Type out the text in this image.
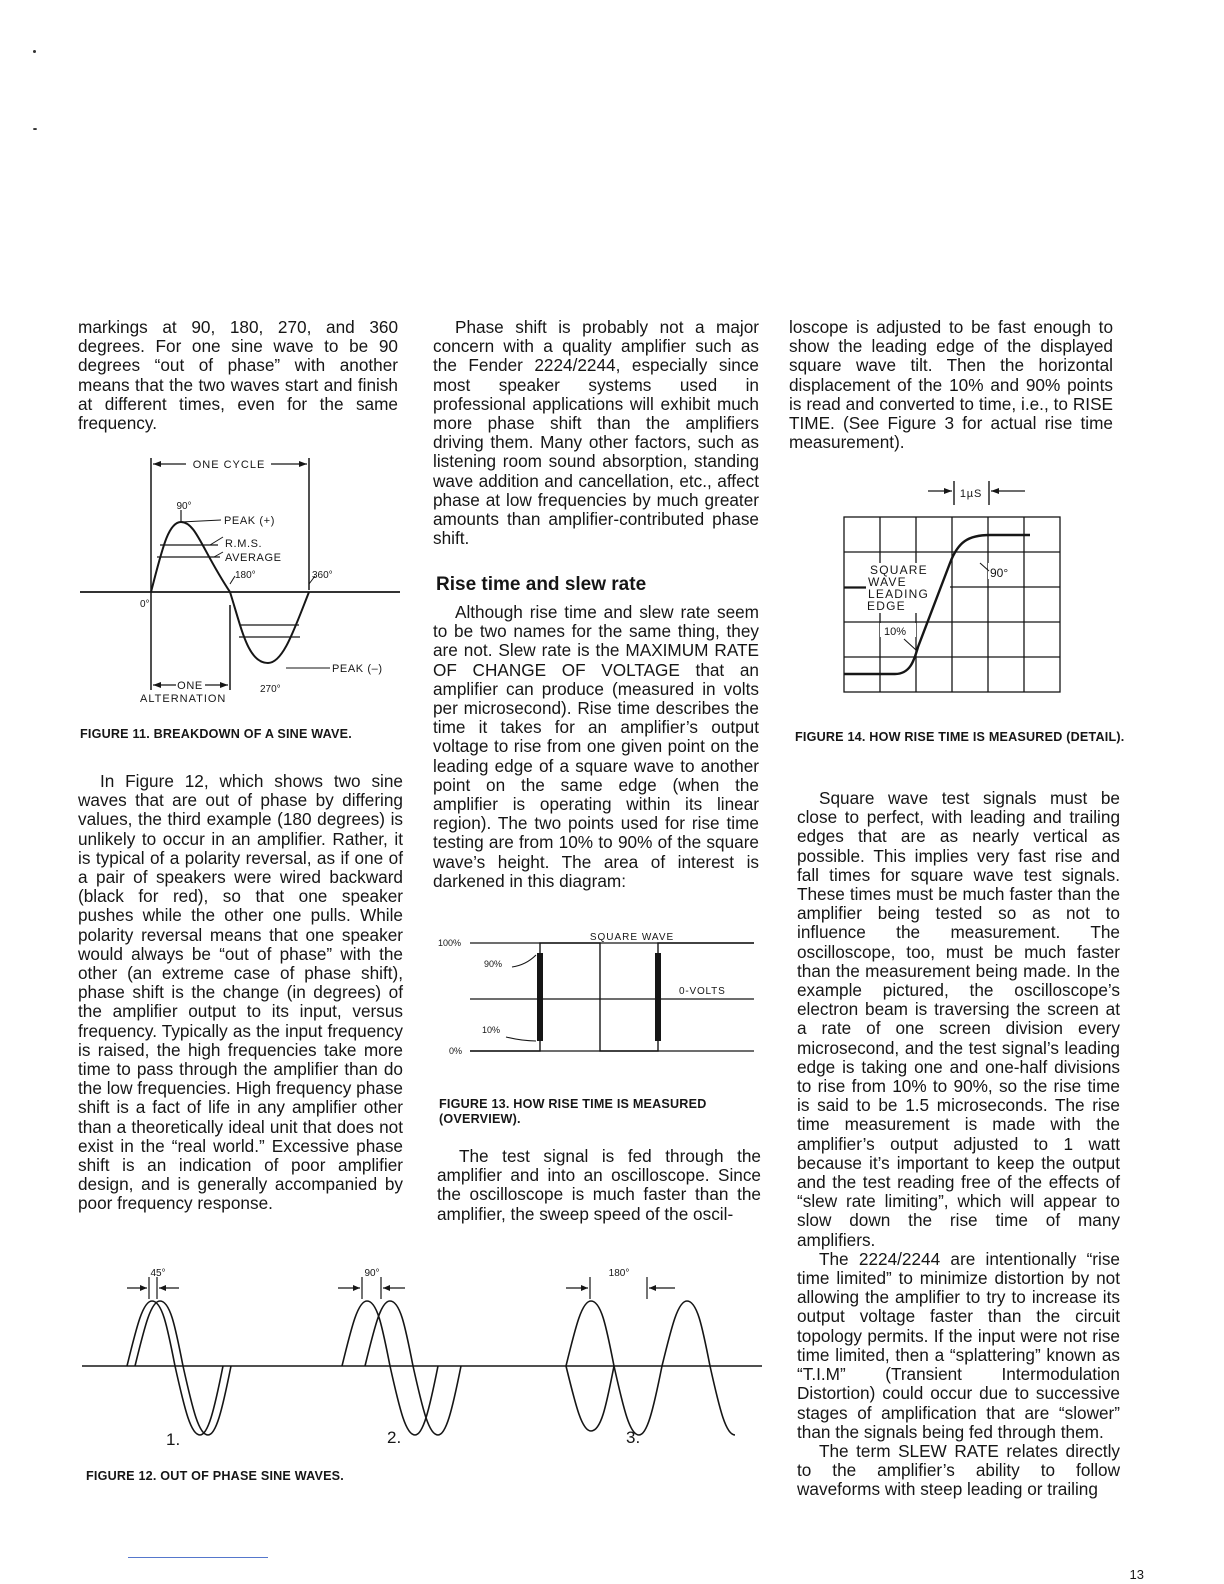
markings at 90, 180, 270, and 360 degrees. For one sine wave to be 90 degrees “out of phase” with another means that the two waves start and finish at different times, even for the same frequency.

ONE CYCLE
90°
PEAK (+)
R.M.S.
AVERAGE
180°	360°
0°
PEAK (–)
ONE	270°
ALTERNATION
FIGURE 11. BREAKDOWN OF A SINE WAVE.

In Figure 12, which shows two sine waves that are out of phase by differing values, the third example (180 degrees) is unlikely to occur in an amplifier. Rather, it is typical of a polarity reversal, as if one of a pair of speakers were wired backward (black for red), so that one speaker pushes while the other one pulls. While polarity reversal means that one speaker would always be “out of phase” with the other (an extreme case of phase shift), phase shift is the change (in degrees) of the amplifier output to its input, versus frequency. Typically as the input frequency is raised, the high frequencies take more time to pass through the amplifier than do the low frequencies. High frequency phase shift is a fact of life in any amplifier other than a theoretically ideal unit that does not exist in the “real world.” Excessive phase shift is an indication of poor amplifier design, and is generally accompanied by poor frequency response.

Phase shift is probably not a major concern with a quality amplifier such as the Fender 2224/2244, especially since most speaker systems used in professional applications will exhibit much more phase shift than the amplifiers driving them. Many other factors, such as listening room sound absorption, standing wave addition and cancellation, etc., affect phase at low frequencies by much greater amounts than amplifier-contributed phase shift.

Rise time and slew rate

Although rise time and slew rate seem to be two names for the same thing, they are not. Slew rate is the MAXIMUM RATE OF CHANGE OF VOLTAGE that an amplifier can produce (measured in volts per microsecond). Rise time describes the time it takes for an amplifier’s output voltage to rise from one given point on the leading edge of a square wave to another point on the same edge (when the amplifier is operating within its linear region). The two points used for rise time testing are from 10% to 90% of the square wave’s height. The area of interest is darkened in this diagram:

SQUARE WAVE
100%
90%
0-VOLTS
10%
0%
FIGURE 13. HOW RISE TIME IS MEASURED (OVERVIEW).

The test signal is fed through the amplifier and into an oscilloscope. Since the oscilloscope is much faster than the amplifier, the sweep speed of the oscil-

loscope is adjusted to be fast enough to show the leading edge of the displayed square wave tilt. Then the horizontal displacement of the 10% and 90% points is read and converted to time, i.e., to RISE TIME. (See Figure 3 for actual rise time measurement).

1µS
SQUARE
WAVE
LEADING
EDGE
90°
10%
FIGURE 14. HOW RISE TIME IS MEASURED (DETAIL).

Square wave test signals must be close to perfect, with leading and trailing edges that are as nearly vertical as possible. This implies very fast rise and fall times for square wave test signals. These times must be much faster than the amplifier being tested so as not to influence the measurement. The oscilloscope, too, must be much faster than the measurement being made. In the example pictured, the oscilloscope’s electron beam is traversing the screen at a rate of one screen division every microsecond, and the test signal’s leading edge is taking one and one-half divisions to rise from 10% to 90%, so the rise time is said to be 1.5 microseconds. The rise time measurement is made with the amplifier’s output adjusted to 1 watt because it’s important to keep the output and the test reading free of the effects of “slew rate limiting”, which will appear to slow down the rise time of many amplifiers.

The 2224/2244 are intentionally “rise time limited” to minimize distortion by not allowing the amplifier to try to increase its output voltage faster than the circuit topology permits. If the input were not rise time limited, then a “splattering” known as “T.I.M” (Transient Intermodulation Distortion) could occur due to successive stages of amplification that are “slower” than the signals being fed through them.

The term SLEW RATE relates directly to the amplifier’s ability to follow waveforms with steep leading or trailing

45°	90°	180°
1.	2.	3.
FIGURE 12. OUT OF PHASE SINE WAVES.
13
